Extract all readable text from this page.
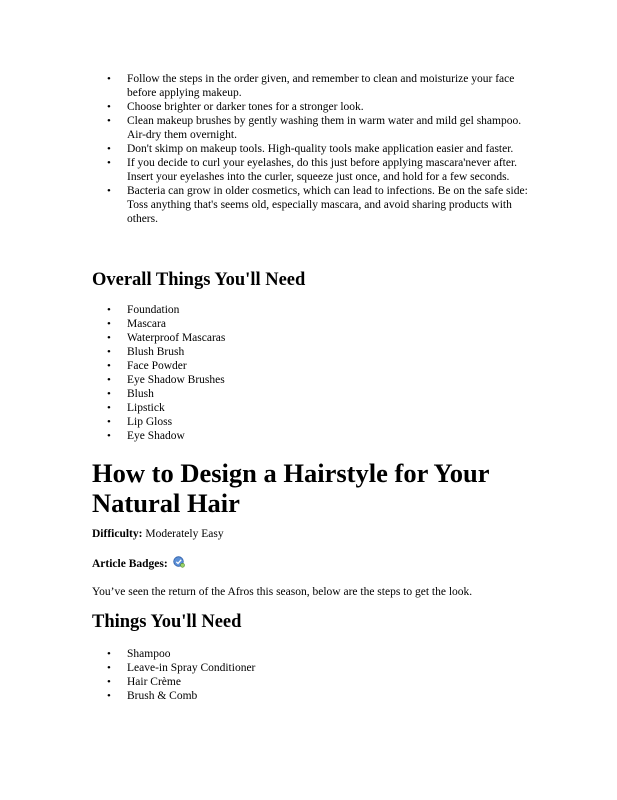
• Follow the steps in the order given, and remember to clean and moisturize your face before applying makeup.
• Choose brighter or darker tones for a stronger look.
• Clean makeup brushes by gently washing them in warm water and mild gel shampoo. Air-dry them overnight.
• Don't skimp on makeup tools. High-quality tools make application easier and faster.
• If you decide to curl your eyelashes, do this just before applying mascara'never after. Insert your eyelashes into the curler, squeeze just once, and hold for a few seconds.
• Bacteria can grow in older cosmetics, which can lead to infections. Be on the safe side: Toss anything that's seems old, especially mascara, and avoid sharing products with others.
Overall Things You'll Need
• Foundation
• Mascara
• Waterproof Mascaras
• Blush Brush
• Face Powder
• Eye Shadow Brushes
• Blush
• Lipstick
• Lip Gloss
• Eye Shadow
How to Design a Hairstyle for Your Natural Hair

Difficulty: Moderately Easy

Article Badges:

You’ve seen the return of the Afros this season, below are the steps to get the look.

Things You'll Need
• Shampoo
• Leave-in Spray Conditioner
• Hair Crème
• Brush & Comb
